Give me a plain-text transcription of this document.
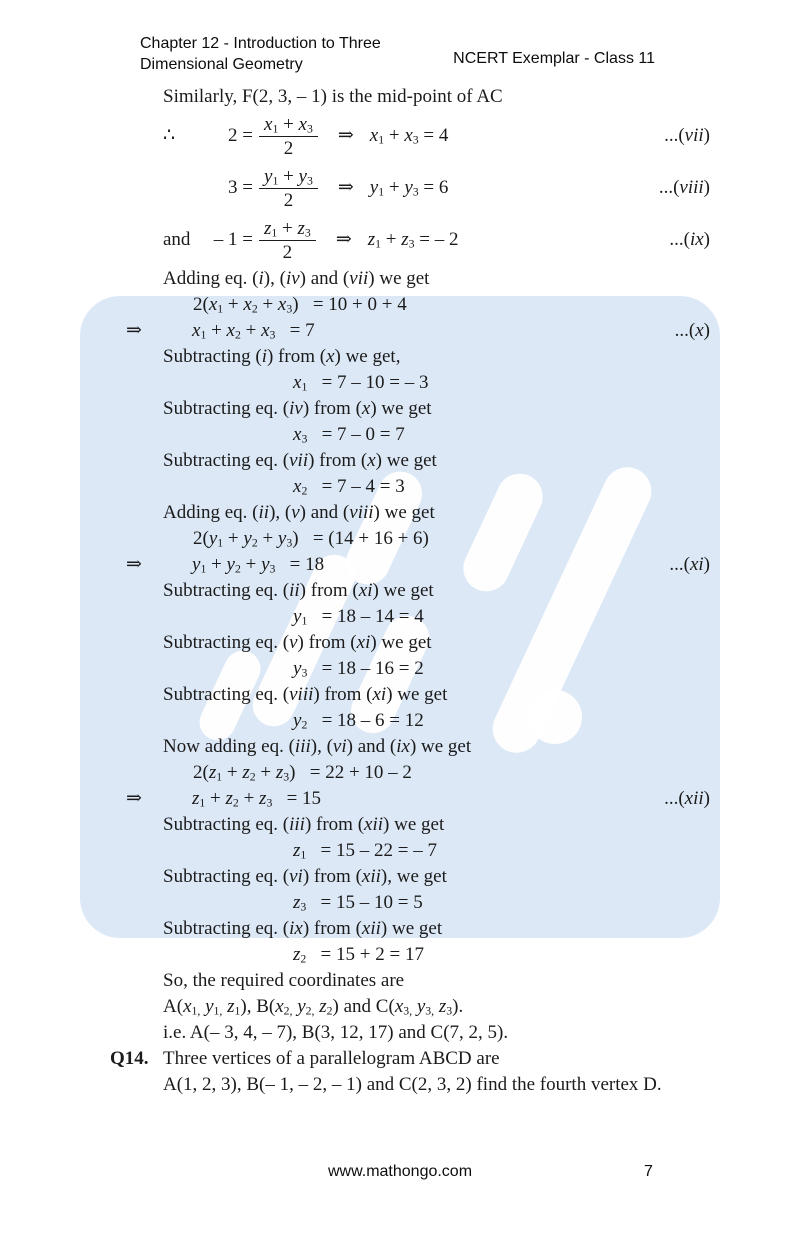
Chapter 12 - Introduction to Three
Dimensional Geometry	NCERT Exemplar - Class 11
Similarly, F(2, 3, – 1) is the mid-point of AC
∴	$2 = \frac{x_1 + x_3}{2}$ ⇒ $x_1 + x_3 = 4$	...(vii)
$3 = \frac{y_1 + y_3}{2}$ ⇒ $y_1 + y_3 = 6$	...(viii)
and	– $1 = \frac{z_1 + z_3}{2}$ ⇒ $z_1 + z_3$ = – 2	...(ix)
Adding eq. (i), (iv) and (vii) we get
$2(x_1 + x_2 + x_3)$  = 10 + 0 + 4
⇒	$x_1 + x_2 + x_3$  = 7	...(x)
Subtracting (i) from (x) we get,
$x_1$  = 7 – 10 = – 3
Subtracting eq. (iv) from (x) we get
$x_3$  = 7 – 0 = 7
Subtracting eq. (vii) from (x) we get
$x_2$  = 7 – 4 = 3
Adding eq. (ii), (v) and (viii) we get
$2(y_1 + y_2 + y_3)$  = (14 + 16 + 6)
⇒	$y_1 + y_2 + y_3$  = 18	...(xi)
Subtracting eq. (ii) from (xi) we get
$y_1$  = 18 – 14 = 4
Subtracting eq. (v) from (xi) we get
$y_3$  = 18 – 16 = 2
Subtracting eq. (viii) from (xi) we get
$y_2$  = 18 – 6 = 12
Now adding eq. (iii), (vi) and (ix) we get
$2(z_1 + z_2 + z_3)$  = 22 + 10 – 2
⇒	$z_1 + z_2 + z_3$  = 15	...(xii)
Subtracting eq. (iii) from (xii) we get
$z_1$  = 15 – 22 = – 7
Subtracting eq. (vi) from (xii), we get
$z_3$  = 15 – 10 = 5
Subtracting eq. (ix) from (xii) we get
$z_2$  = 15 + 2 = 17
So, the required coordinates are
$A(x_{1,}$ $y_{1,}$ $z_1$), $B(x_{2,}$ $y_{2,}$ $z_2$) and $C(x_{3,}$ $y_{3,}$ $z_3$).
i.e. A(– 3, 4, – 7), B(3, 12, 17) and C(7, 2, 5).
Q14. Three vertices of a parallelogram ABCD are
A(1, 2, 3), B(– 1, – 2, – 1) and C(2, 3, 2) find the fourth vertex D.
www.mathongo.com	7
